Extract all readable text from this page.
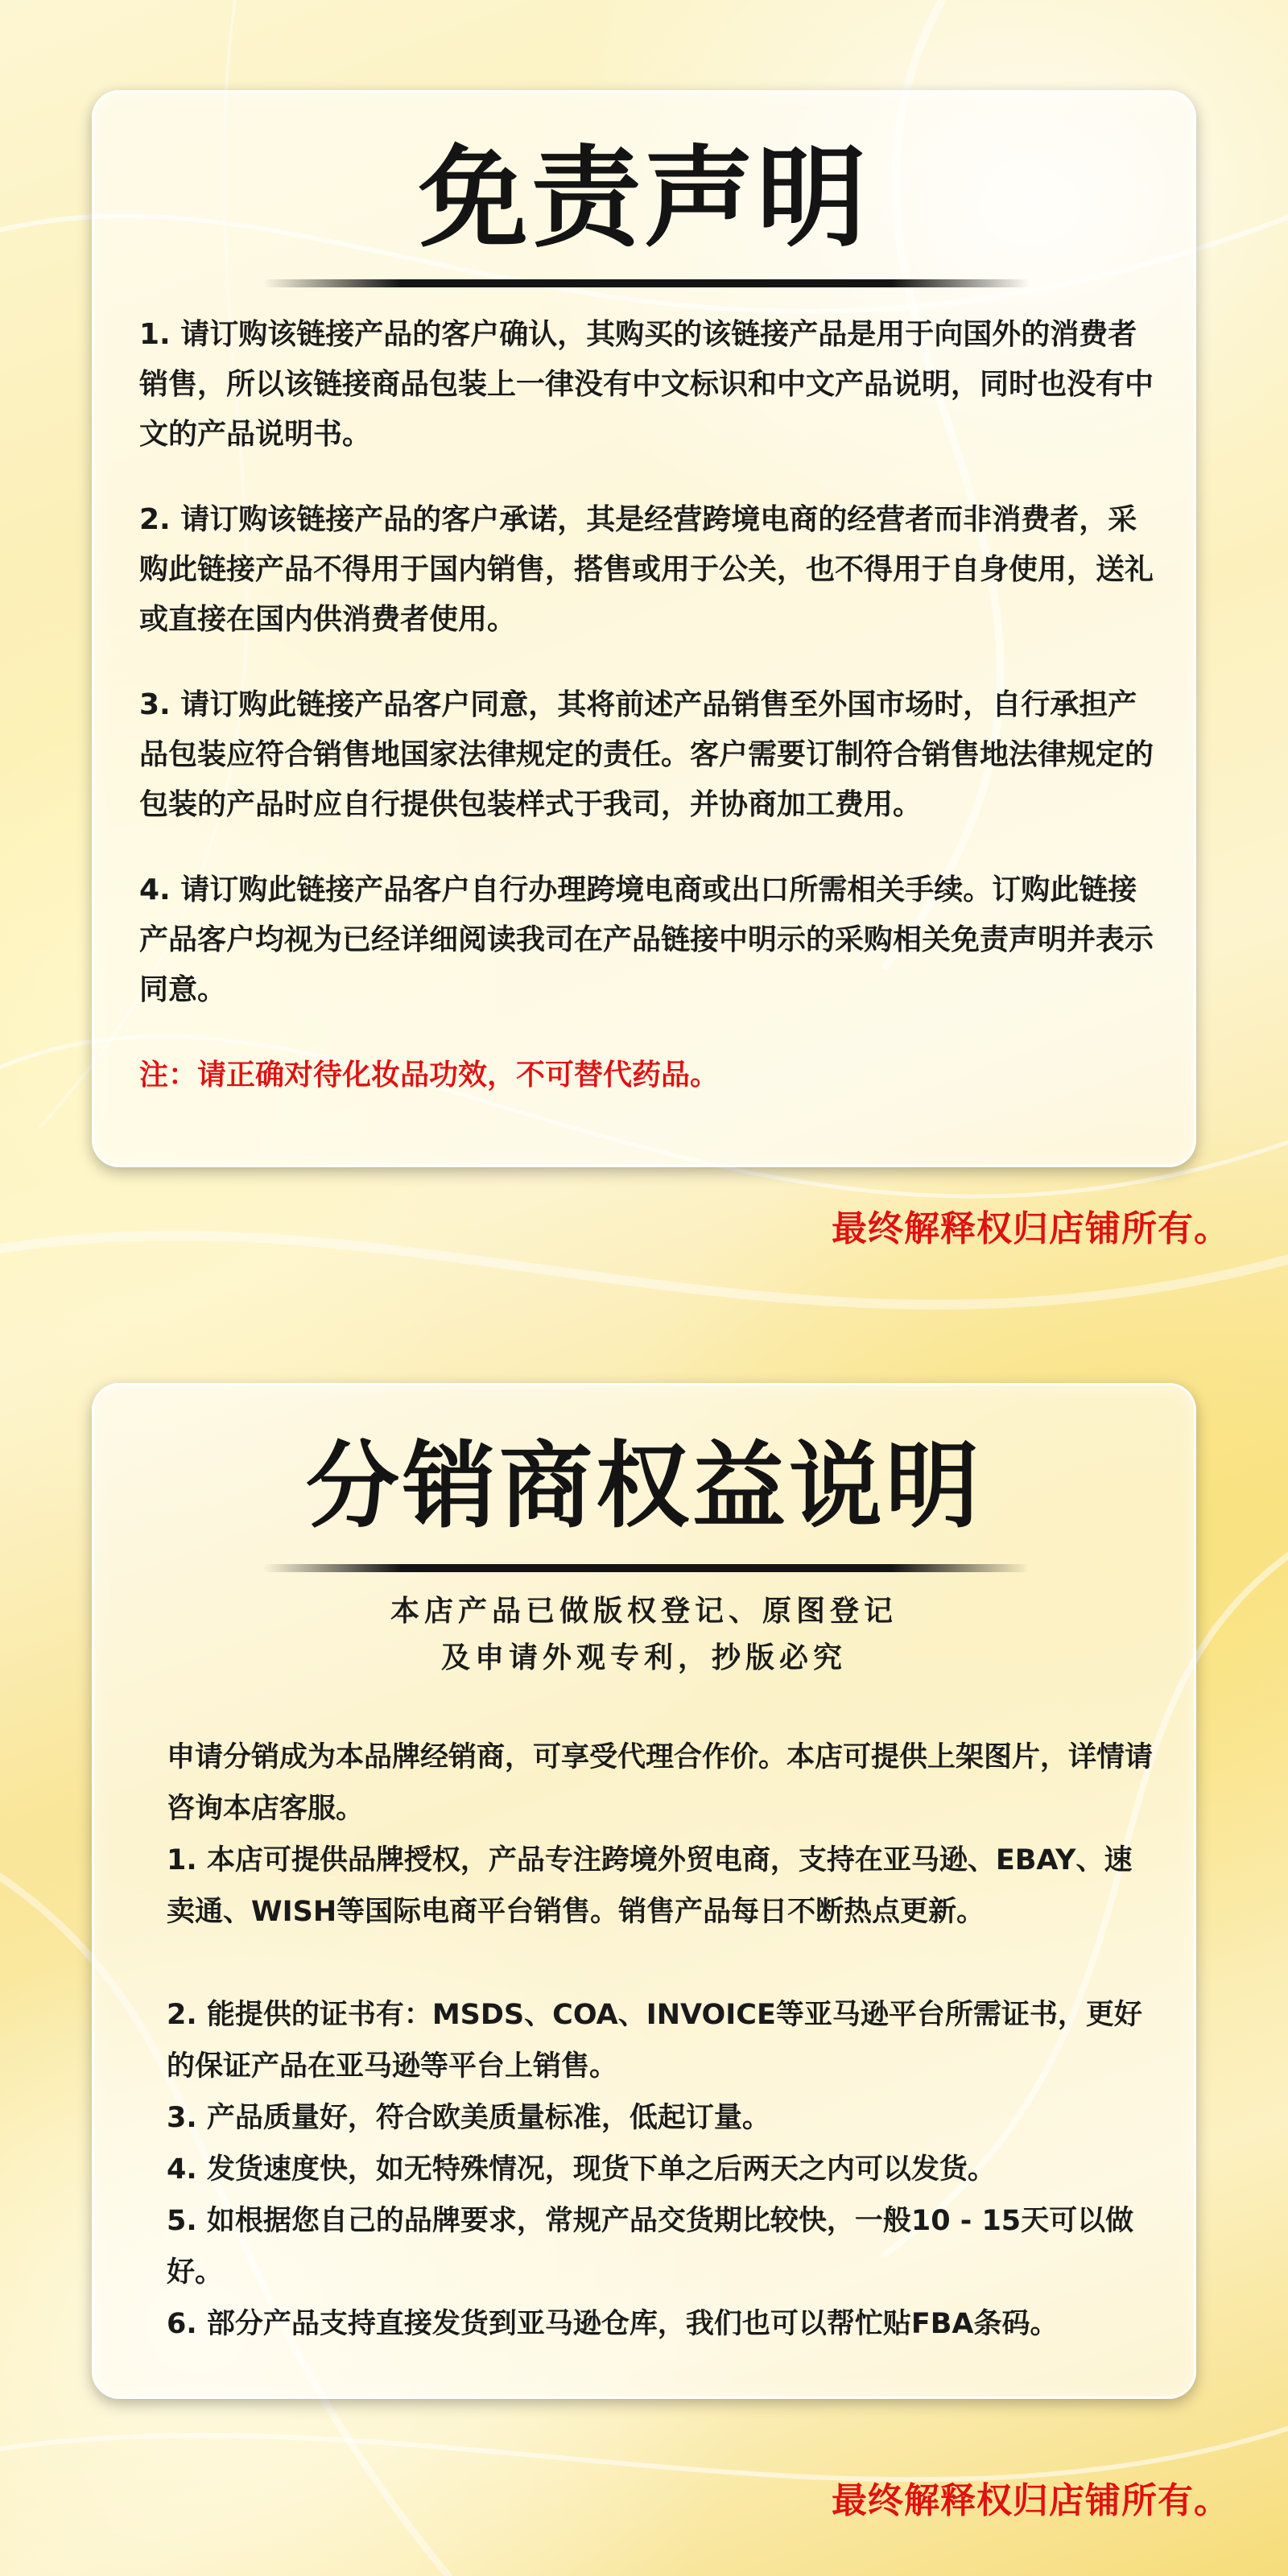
免责声明

1. 请订购该链接产品的客户确认，其购买的该链接产品是用于向国外的消费者销售，所以该链接商品包装上一律没有中文标识和中文产品说明，同时也没有中文的产品说明书。

2. 请订购该链接产品的客户承诺，其是经营跨境电商的经营者而非消费者，采购此链接产品不得用于国内销售，搭售或用于公关，也不得用于自身使用，送礼或直接在国内供消费者使用。

3. 请订购此链接产品客户同意，其将前述产品销售至外国市场时，自行承担产品包装应符合销售地国家法律规定的责任。客户需要订制符合销售地法律规定的包装的产品时应自行提供包装样式于我司，并协商加工费用。

4. 请订购此链接产品客户自行办理跨境电商或出口所需相关手续。订购此链接产品客户均视为已经详细阅读我司在产品链接中明示的采购相关免责声明并表示同意。

注：请正确对待化妆品功效，不可替代药品。

最终解释权归店铺所有。

分销商权益说明

本店产品已做版权登记、原图登记

及申请外观专利，抄版必究

申请分销成为本品牌经销商，可享受代理合作价。本店可提供上架图片，详情请咨询本店客服。

1. 本店可提供品牌授权，产品专注跨境外贸电商，支持在亚马逊、EBAY、速卖通、WISH等国际电商平台销售。销售产品每日不断热点更新。

2. 能提供的证书有：MSDS、COA、INVOICE等亚马逊平台所需证书，更好的保证产品在亚马逊等平台上销售。

3. 产品质量好，符合欧美质量标准，低起订量。

4. 发货速度快，如无特殊情况，现货下单之后两天之内可以发货。

5. 如根据您自己的品牌要求，常规产品交货期比较快，一般10 - 15天可以做好。

6. 部分产品支持直接发货到亚马逊仓库，我们也可以帮忙贴FBA条码。

最终解释权归店铺所有。
